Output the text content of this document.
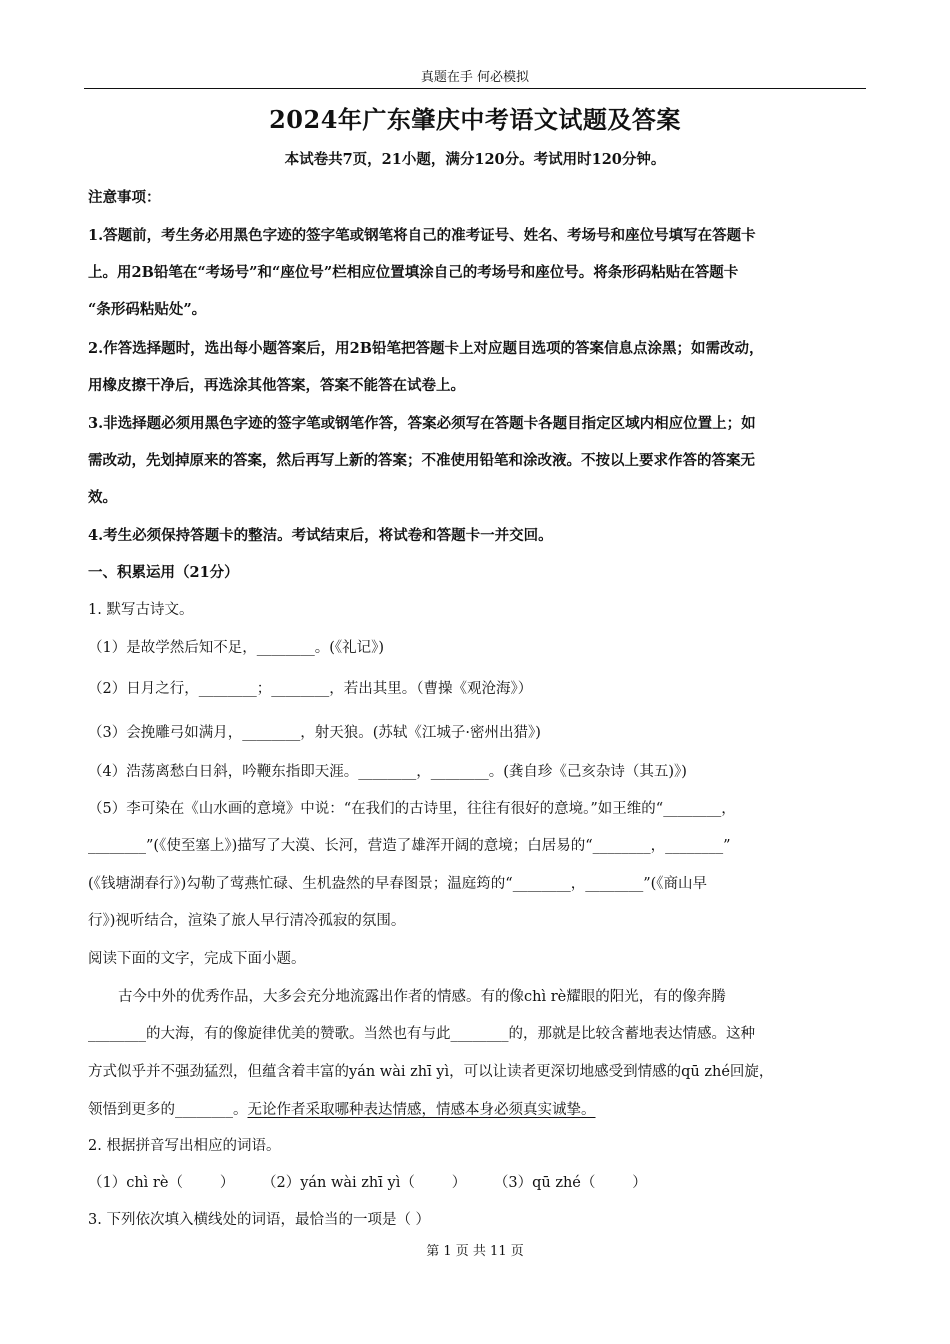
真题在手 何必模拟
2024年广东肇庆中考语文试题及答案
本试卷共7页，21小题，满分120分。考试用时120分钟。
注意事项：
1.答题前，考生务必用黑色字迹的签字笔或钢笔将自己的准考证号、姓名、考场号和座位号填写在答题卡
上。用2B铅笔在“考场号”和“座位号”栏相应位置填涂自己的考场号和座位号。将条形码粘贴在答题卡
“条形码粘贴处”。
2.作答选择题时，选出每小题答案后，用2B铅笔把答题卡上对应题目选项的答案信息点涂黑；如需改动，
用橡皮擦干净后，再选涂其他答案，答案不能答在试卷上。
3.非选择题必须用黑色字迹的签字笔或钢笔作答，答案必须写在答题卡各题目指定区域内相应位置上；如
需改动，先划掉原来的答案，然后再写上新的答案；不准使用铅笔和涂改液。不按以上要求作答的答案无
效。
4.考生必须保持答题卡的整洁。考试结束后，将试卷和答题卡一并交回。
一、积累运用（21分）
1. 默写古诗文。
（1）是故学然后知不足，________。(《礼记》)
（2）日月之行，________；________，若出其里。（曹操《观沧海》）
（3）会挽雕弓如满月，________，射天狼。(苏轼《江城子·密州出猎》)
（4）浩荡离愁白日斜，吟鞭东指即天涯。________，________。(龚自珍《己亥杂诗（其五)》)
（5）李可染在《山水画的意境》中说：“在我们的古诗里，往往有很好的意境。”如王维的“________，
________”(《使至塞上》)描写了大漠、长河，营造了雄浑开阔的意境；白居易的“________，________”
(《钱塘湖春行》)勾勒了莺燕忙碌、生机盎然的早春图景；温庭筠的“________，________”(《商山早
行》)视听结合，渲染了旅人早行清冷孤寂的氛围。
阅读下面的文字，完成下面小题。
古今中外的优秀作品，大多会充分地流露出作者的情感。有的像chì rè耀眼的阳光，有的像奔腾
________的大海，有的像旋律优美的赞歌。当然也有与此________的，那就是比较含蓄地表达情感。这种
方式似乎并不强劲猛烈，但蕴含着丰富的yán wài zhī yì，可以让读者更深切地感受到情感的qū zhé回旋，
领悟到更多的________。无论作者采取哪种表达情感，情感本身必须真实诚挚。
2. 根据拼音写出相应的词语。
（1）chì rè（        ）      （2）yán wài zhī yì（        ）      （3）qū zhé（        ）
3. 下列依次填入横线处的词语，最恰当的一项是（ ）
第 1 页 共 11 页
